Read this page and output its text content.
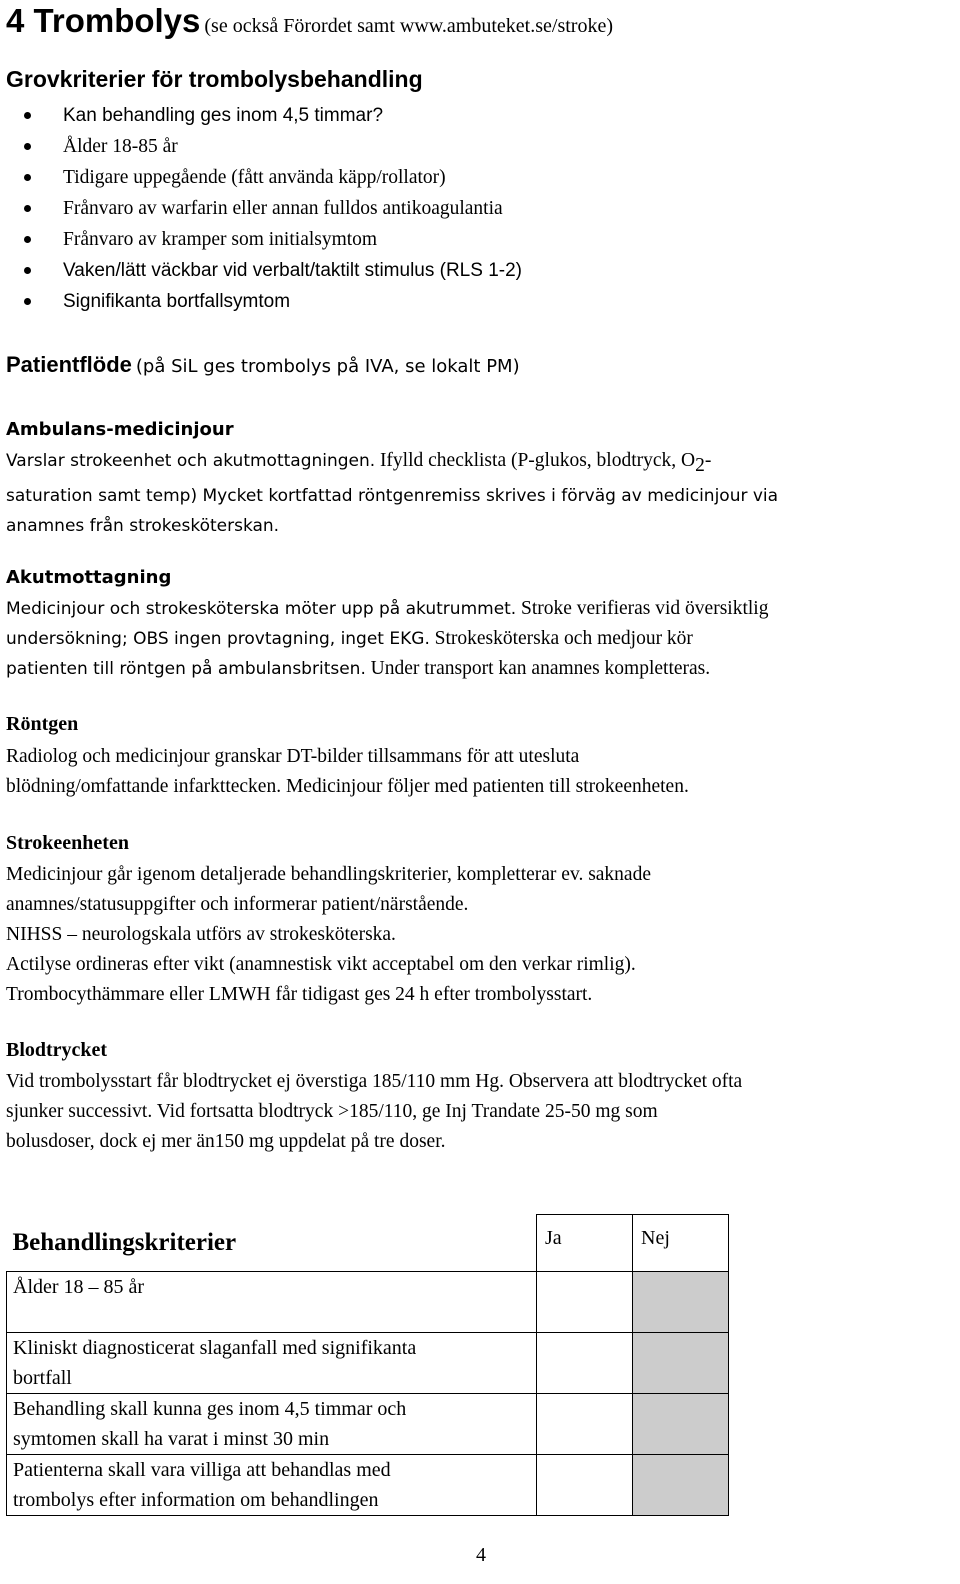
4 Trombolys (se också Förordet samt www.ambuteket.se/stroke)
Grovkriterier för trombolysbehandling
Kan behandling ges inom 4,5 timmar?
Ålder 18-85 år
Tidigare uppegående (fått använda käpp/rollator)
Frånvaro av warfarin eller annan fulldos antikoagulantia
Frånvaro av kramper som initialsymtom
Vaken/lätt väckbar vid verbalt/taktilt stimulus (RLS 1-2)
Signifikanta bortfallsymtom
Patientflöde (på SiL ges trombolys på IVA, se lokalt PM)
Ambulans-medicinjour
Varslar strokeenhet och akutmottagningen. Ifylld checklista (P-glukos, blodtryck, $O_2-$
saturation samt temp) Mycket kortfattad röntgenremiss skrives i förväg av medicinjour via
anamnes från strokesköterskan.
Akutmottagning
Medicinjour och strokesköterska möter upp på akutrummet. Stroke verifieras vid översiktlig
undersökning; OBS ingen provtagning, inget EKG. Strokesköterska och medjour kör
patienten till röntgen på ambulansbritsen. Under transport kan anamnes kompletteras.
Röntgen
Radiolog och medicinjour granskar DT-bilder tillsammans för att utesluta
blödning/omfattande infarkttecken. Medicinjour följer med patienten till strokeenheten.
Strokeenheten
Medicinjour går igenom detaljerade behandlingskriterier, kompletterar ev. saknade
anamnes/statusuppgifter och informerar patient/närstående.
NIHSS – neurologskala utförs av strokesköterska.
Actilyse ordineras efter vikt (anamnestisk vikt acceptabel om den verkar rimlig).
Trombocythämmare eller LMWH får tidigast ges 24 h efter trombolysstart.
Blodtrycket
Vid trombolysstart får blodtrycket ej överstiga 185/110 mm Hg. Observera att blodtrycket ofta
sjunker successivt. Vid fortsatta blodtryck >185/110, ge Inj Trandate 25-50 mg som
bolusdoser, dock ej mer än150 mg uppdelat på tre doser.
Behandlingskriterier	Ja	Nej

Ålder 18 – 85 år		

Kliniskt diagnosticerat slaganfall med signifikanta
bortfall		

Behandling skall kunna ges inom 4,5 timmar och
symtomen skall ha varat i minst 30 min		

Patienterna skall vara villiga att behandlas med
trombolys efter information om behandlingen		

4
